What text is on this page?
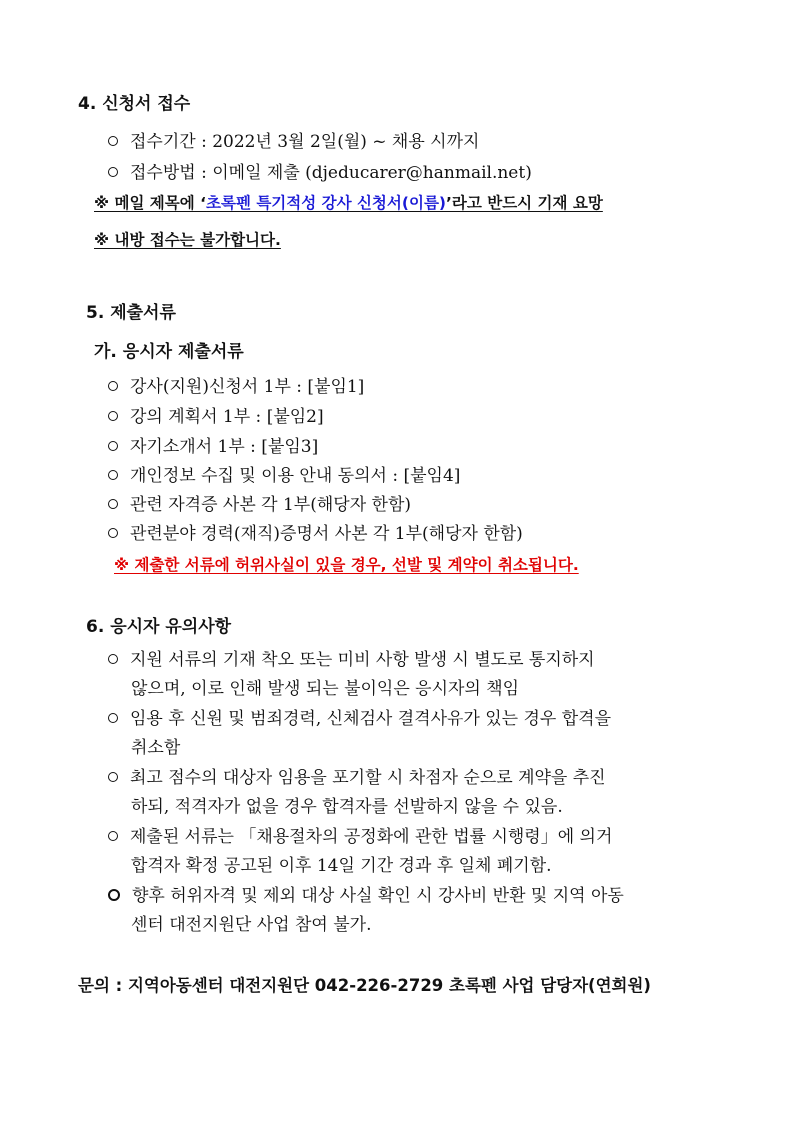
4. 신청서 접수
접수기간 : 2022년 3월 2일(월) ~ 채용 시까지
접수방법 : 이메일 제출 (djeducarer@hanmail.net)
※ 메일 제목에 ‘초록펜 특기적성 강사 신청서(이름)’라고 반드시 기재 요망
※ 내방 접수는 불가합니다.
5. 제출서류
가. 응시자 제출서류
강사(지원)신청서 1부 : [붙임1]
강의 계획서 1부 : [붙임2]
자기소개서 1부 : [붙임3]
개인정보 수집 및 이용 안내 동의서 : [붙임4]
관련 자격증 사본 각 1부(해당자 한함)
관련분야 경력(재직)증명서 사본 각 1부(해당자 한함)
※ 제출한 서류에 허위사실이 있을 경우, 선발 및 계약이 취소됩니다.
6. 응시자 유의사항
지원 서류의 기재 착오 또는 미비 사항 발생 시 별도로 통지하지
않으며, 이로 인해 발생 되는 불이익은 응시자의 책임
임용 후 신원 및 범죄경력, 신체검사 결격사유가 있는 경우 합격을
취소함
최고 점수의 대상자 임용을 포기할 시 차점자 순으로 계약을 추진
하되, 적격자가 없을 경우 합격자를 선발하지 않을 수 있음.
제출된 서류는 「채용절차의 공정화에 관한 법률 시행령」에 의거
합격자 확정 공고된 이후 14일 기간 경과 후 일체 폐기함.
향후 허위자격 및 제외 대상 사실 확인 시 강사비 반환 및 지역 아동
센터 대전지원단 사업 참여 불가.
문의 : 지역아동센터 대전지원단 042-226-2729 초록펜 사업 담당자(연희원)
